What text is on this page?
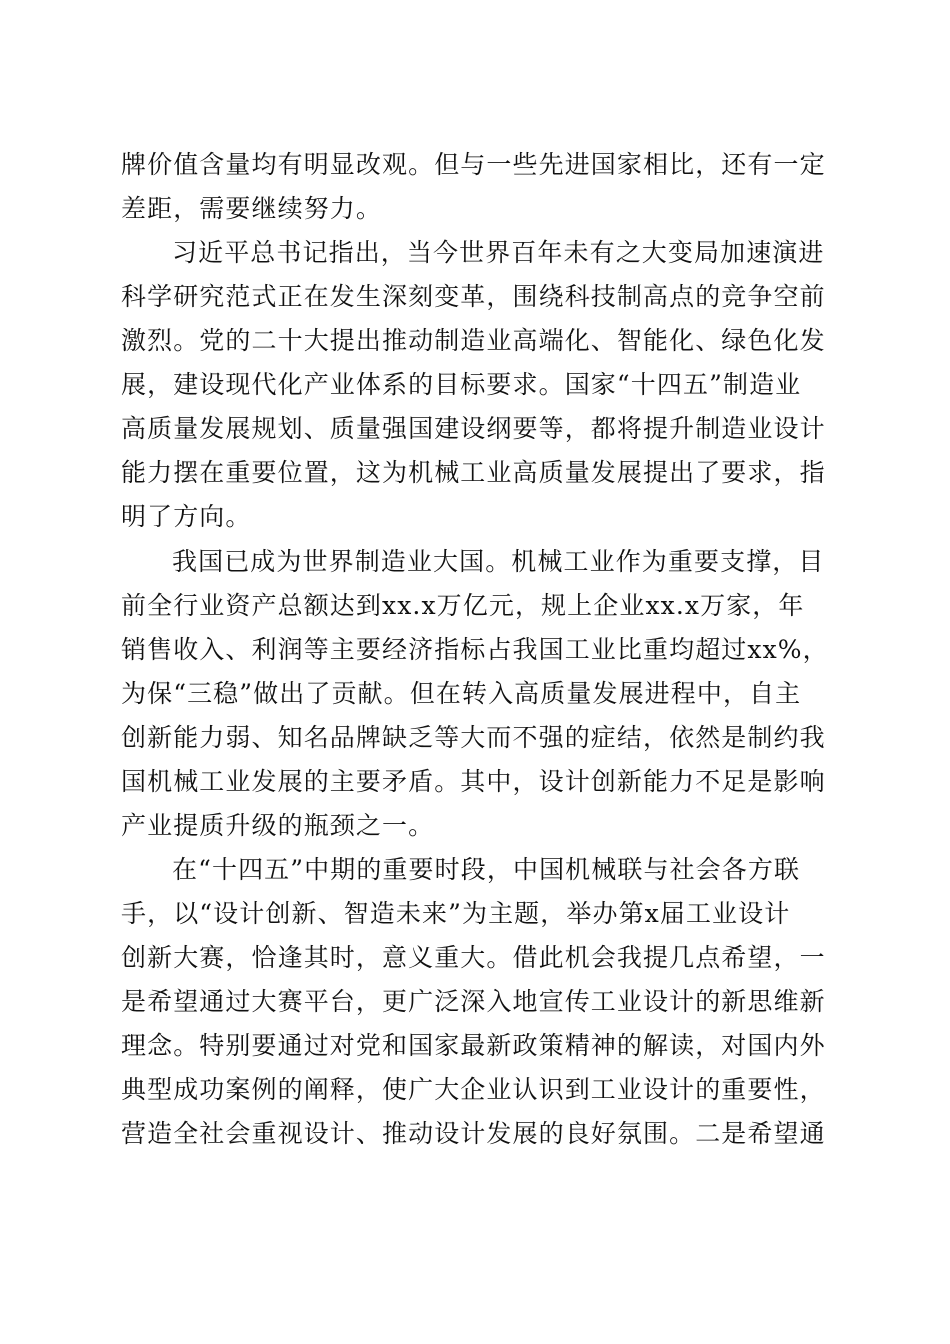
牌价值含量均有明显改观。但与一些先进国家相比，还有一定
差距，需要继续努力。
习近平总书记指出，当今世界百年未有之大变局加速演进
科学研究范式正在发生深刻变革，围绕科技制高点的竞争空前
激烈。党的二十大提出推动制造业高端化、智能化、绿色化发
展，建设现代化产业体系的目标要求。国家“十四五”制造业
高质量发展规划、质量强国建设纲要等，都将提升制造业设计
能力摆在重要位置，这为机械工业高质量发展提出了要求，指
明了方向。
我国已成为世界制造业大国。机械工业作为重要支撑，目
前全行业资产总额达到xx.x万亿元，规上企业xx.x万家，年
销售收入、利润等主要经济指标占我国工业比重均超过xx%，
为保“三稳”做出了贡献。但在转入高质量发展进程中，自主
创新能力弱、知名品牌缺乏等大而不强的症结，依然是制约我
国机械工业发展的主要矛盾。其中，设计创新能力不足是影响
产业提质升级的瓶颈之一。
在“十四五”中期的重要时段，中国机械联与社会各方联
手，以“设计创新、智造未来”为主题，举办第x届工业设计
创新大赛，恰逢其时，意义重大。借此机会我提几点希望，一
是希望通过大赛平台，更广泛深入地宣传工业设计的新思维新
理念。特别要通过对党和国家最新政策精神的解读，对国内外
典型成功案例的阐释，使广大企业认识到工业设计的重要性，
营造全社会重视设计、推动设计发展的良好氛围。二是希望通
